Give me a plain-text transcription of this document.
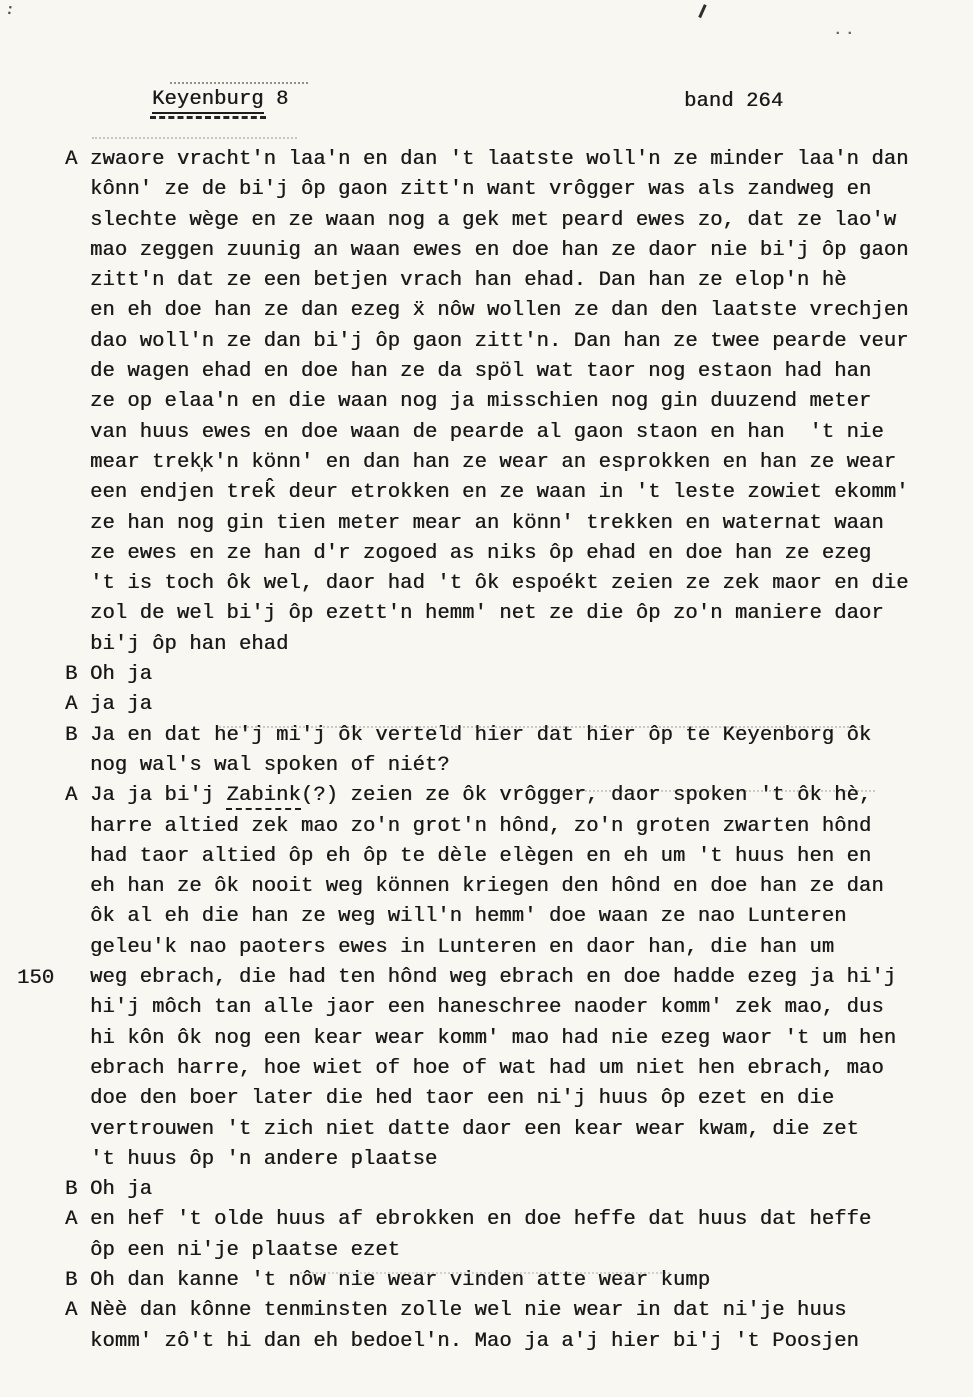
:
..
Keyenburg 8	band 264
A zwaore vracht'n laa'n en dan 't laatste woll'n ze minder laa'n dan
kônn' ze de bi'j ôp gaon zitt'n want vrôgger was als zandweg en
slechte wège en ze waan nog a gek met peard ewes zo, dat ze lao'w
mao zeggen zuunig an waan ewes en doe han ze daor nie bi'j ôp gaon
zitt'n dat ze een betjen vrach han ehad. Dan han ze elop'n hè
en eh doe han ze dan ezeg ẍ nôw wollen ze dan den laatste vrechjen
dao woll'n ze dan bi'j ôp gaon zitt'n. Dan han ze twee pearde veur
de wagen ehad en doe han ze da spöl wat taor nog estaon had han
ze op elaa'n en die waan nog ja misschien nog gin duuzend meter
van huus ewes en doe waan de pearde al gaon staon en han  't nie
mear trek̦k'n könn' en dan han ze wear an esprokken en han ze wear
een endjen trek̂ deur etrokken en ze waan in 't leste zowiet ekomm'
ze han nog gin tien meter mear an könn' trekken en waternat waan
ze ewes en ze han d'r zogoed as niks ôp ehad en doe han ze ezeg
't is toch ôk wel, daor had 't ôk espoékt zeien ze zek maor en die
zol de wel bi'j ôp ezett'n hemm' net ze die ôp zo'n maniere daor
bi'j ôp han ehad
B Oh ja
A ja ja
B Ja en dat he'j mi'j ôk verteld hier dat hier ôp te Keyenborg ôk
nog wal's wal spoken of niét?
A Ja ja bi'j Zabink(?) zeien ze ôk vrôgger, daor spoken 't ôk hè,
harre altied zek mao zo'n grot'n hônd, zo'n groten zwarten hônd
had taor altied ôp eh ôp te dèle elègen en eh um 't huus hen en
eh han ze ôk nooit weg können kriegen den hônd en doe han ze dan
ôk al eh die han ze weg will'n hemm' doe waan ze nao Lunteren
geleu'k nao paoters ewes in Lunteren en daor han, die han um
150 weg ebrach, die had ten hônd weg ebrach en doe hadde ezeg ja hi'j
hi'j môch tan alle jaor een haneschree naoder komm' zek mao, dus
hi kôn ôk nog een kear wear komm' mao had nie ezeg waor 't um hen
ebrach harre, hoe wiet of hoe of wat had um niet hen ebrach, mao
doe den boer later die hed taor een ni'j huus ôp ezet en die
vertrouwen 't zich niet datte daor een kear wear kwam, die zet
't huus ôp 'n andere plaatse
B Oh ja
A en hef 't olde huus af ebrokken en doe heffe dat huus dat heffe
ôp een ni'je plaatse ezet
B Oh dan kanne 't nôw nie wear vinden atte wear kump
A Nèè dan kônne tenminsten zolle wel nie wear in dat ni'je huus
komm' zô't hi dan eh bedoel'n. Mao ja a'j hier bi'j 't Poosjen
